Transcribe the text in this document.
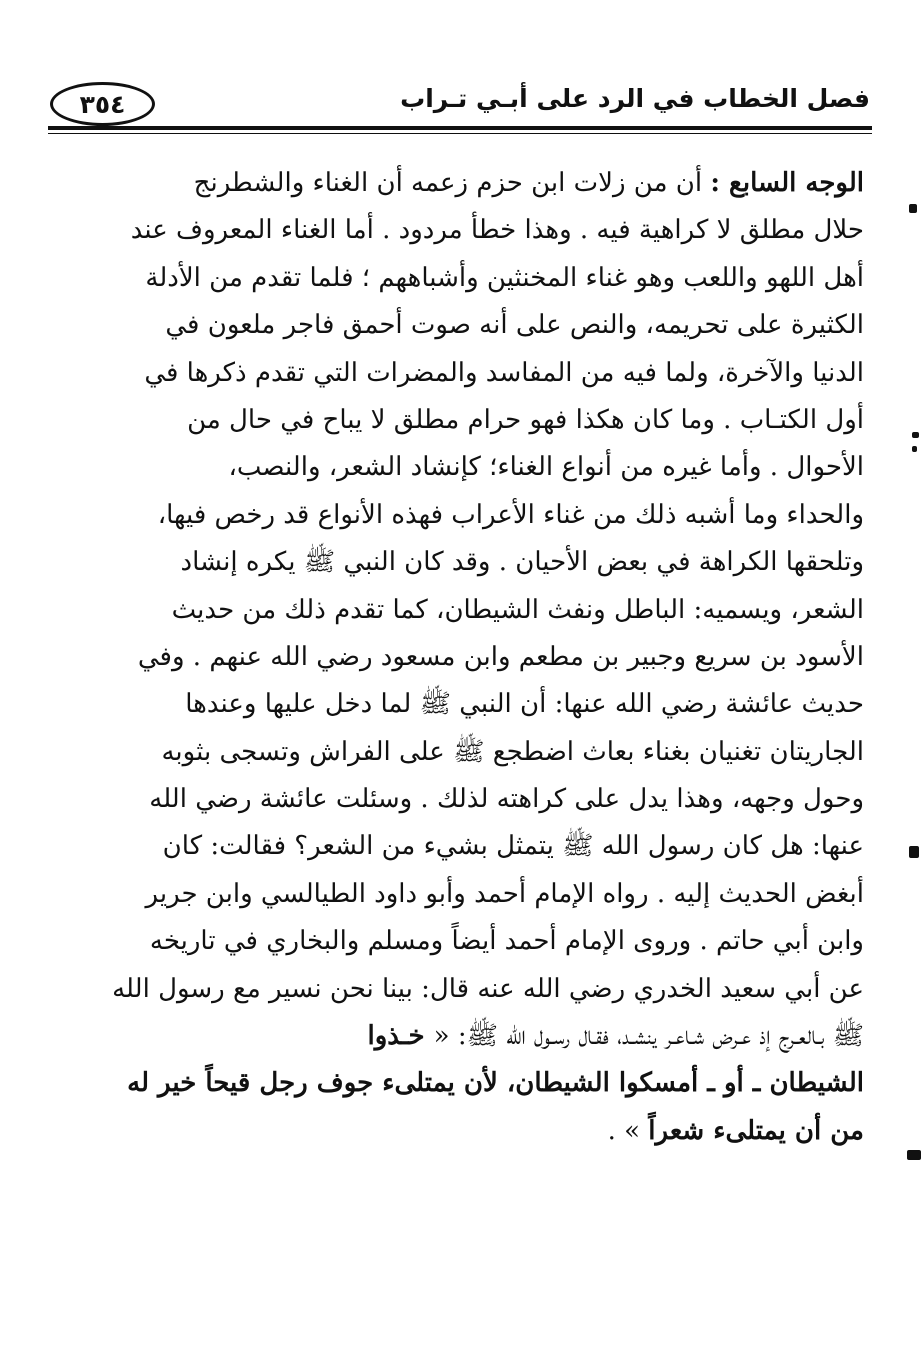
٣٥٤	فصل الخطاب في الرد على أبـي تـراب
الوجه السابع : أن من زلات ابن حزم زعمه أن الغناء والشطرنج
حلال مطلق لا كراهية فيه . وهذا خطأ مردود . أما الغناء المعروف عند
أهل اللهو واللعب وهو غناء المخنثين وأشباههم ؛ فلما تقدم من الأدلة
الكثيرة على تحريمه، والنص على أنه صوت أحمق فاجر ملعون في
الدنيا والآخرة، ولما فيه من المفاسد والمضرات التي تقدم ذكرها في
أول الكتـاب . وما كان هكذا فهو حرام مطلق لا يباح في حال من
الأحوال . وأما غيره من أنواع الغناء؛ كإنشاد الشعر، والنصب،
والحداء وما أشبه ذلك من غناء الأعراب فهذه الأنواع قد رخص فيها،
وتلحقها الكراهة في بعض الأحيان . وقد كان النبي ﷺ يكره إنشاد
الشعر، ويسميه: الباطل ونفث الشيطان، كما تقدم ذلك من حديث
الأسود بن سريع وجبير بن مطعم وابن مسعود رضي الله عنهم . وفي
حديث عائشة رضي الله عنها: أن النبي ﷺ لما دخل عليها وعندها
الجاريتان تغنيان بغناء بعاث اضطجع ﷺ على الفراش وتسجى بثوبه
وحول وجهه، وهذا يدل على كراهته لذلك . وسئلت عائشة رضي الله
عنها: هل كان رسول الله ﷺ يتمثل بشيء من الشعر؟ فقالت: كان
أبغض الحديث إليه . رواه الإمام أحمد وأبو داود الطيالسي وابن جرير
وابن أبي حاتم . وروى الإمام أحمد أيضاً ومسلم والبخاري في تاريخه
عن أبي سعيد الخدري رضي الله عنه قال: بينا نحن نسير مع رسول الله
ﷺ بـالعـرج إذ عـرض شـاعـر ينشـد، فقـال رسـول الله ﷺ: « خـذوا
الشيطان ـ أو ـ أمسكوا الشيطان، لأن يمتلىء جوف رجل قيحاً خير له
من أن يمتلىء شعراً » .
